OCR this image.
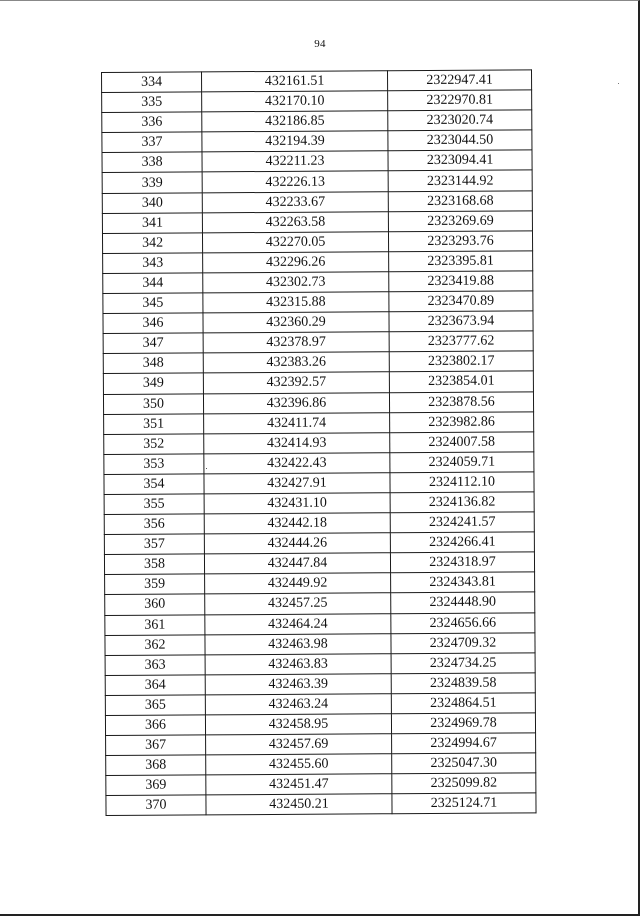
94
334	432161.51	2322947.41
335	432170.10	2322970.81
336	432186.85	2323020.74
337	432194.39	2323044.50
338	432211.23	2323094.41
339	432226.13	2323144.92
340	432233.67	2323168.68
341	432263.58	2323269.69
342	432270.05	2323293.76
343	432296.26	2323395.81
344	432302.73	2323419.88
345	432315.88	2323470.89
346	432360.29	2323673.94
347	432378.97	2323777.62
348	432383.26	2323802.17
349	432392.57	2323854.01
350	432396.86	2323878.56
351	432411.74	2323982.86
352	432414.93	2324007.58
353	432422.43	2324059.71
354	432427.91	2324112.10
355	432431.10	2324136.82
356	432442.18	2324241.57
357	432444.26	2324266.41
358	432447.84	2324318.97
359	432449.92	2324343.81
360	432457.25	2324448.90
361	432464.24	2324656.66
362	432463.98	2324709.32
363	432463.83	2324734.25
364	432463.39	2324839.58
365	432463.24	2324864.51
366	432458.95	2324969.78
367	432457.69	2324994.67
368	432455.60	2325047.30
369	432451.47	2325099.82
370	432450.21	2325124.71
